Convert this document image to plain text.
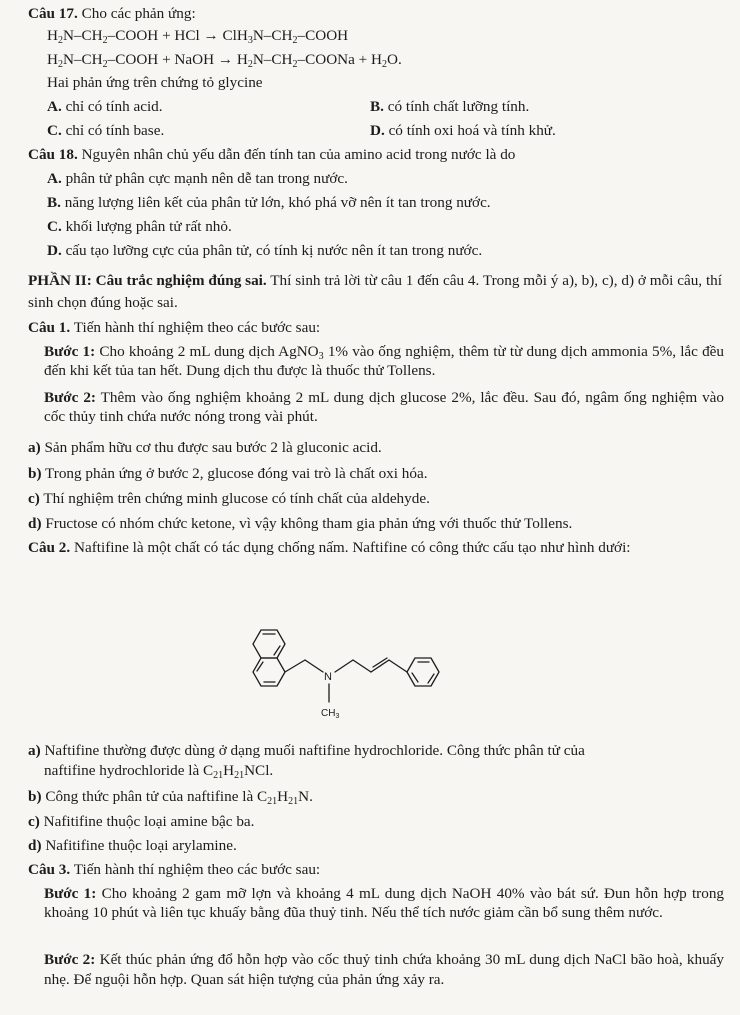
Câu 17. Cho các phản ứng:
$H_2N-CH_2$–COOH + HCl → $ClH_3N-CH_2$–COOH
$H_2N-CH_2$–COOH + NaOH → $H_2N-CH_2$–COONa + $H_2O$.
Hai phản ứng trên chứng tỏ glycine
A. chỉ có tính acid.	B. có tính chất lưỡng tính.
C. chỉ có tính base.	D. có tính oxi hoá và tính khử.
Câu 18. Nguyên nhân chủ yếu dẫn đến tính tan của amino acid trong nước là do
A. phân tử phân cực mạnh nên dễ tan trong nước.
B. năng lượng liên kết của phân tử lớn, khó phá vỡ nên ít tan trong nước.
C. khối lượng phân tử rất nhỏ.
D. cấu tạo lưỡng cực của phân tử, có tính kị nước nên ít tan trong nước.
PHẦN II: Câu trắc nghiệm đúng sai. Thí sinh trả lời từ câu 1 đến câu 4. Trong mỗi ý a), b), c), d) ở mỗi câu, thí sinh chọn đúng hoặc sai.
Câu 1. Tiến hành thí nghiệm theo các bước sau:
Bước 1: Cho khoảng 2 mL dung dịch AgNO$_3$ 1% vào ống nghiệm, thêm từ từ dung dịch ammonia 5%, lắc đều đến khi kết tủa tan hết. Dung dịch thu được là thuốc thử Tollens.
Bước 2: Thêm vào ống nghiệm khoảng 2 mL dung dịch glucose 2%, lắc đều. Sau đó, ngâm ống nghiệm vào cốc thủy tinh chứa nước nóng trong vài phút.
a) Sản phẩm hữu cơ thu được sau bước 2 là gluconic acid.
b) Trong phản ứng ở bước 2, glucose đóng vai trò là chất oxi hóa.
c) Thí nghiệm trên chứng minh glucose có tính chất của aldehyde.
d) Fructose có nhóm chức ketone, vì vậy không tham gia phản ứng với thuốc thử Tollens.
Câu 2. Naftifine là một chất có tác dụng chống nấm. Naftifine có công thức cấu tạo như hình dưới:
N
$CH_3$
a) Naftifine thường được dùng ở dạng muối naftifine hydrochloride. Công thức phân tử của
naftifine hydrochloride là $C_{21}H_{21}NCl$.
b) Công thức phân tử của naftifine là $C_{21}H_{21}N$.
c) Nafitifine thuộc loại amine bậc ba.
d) Nafitifine thuộc loại arylamine.
Câu 3. Tiến hành thí nghiệm theo các bước sau:
Bước 1: Cho khoảng 2 gam mỡ lợn và khoảng 4 mL dung dịch NaOH 40% vào bát sứ. Đun hỗn hợp trong khoảng 10 phút và liên tục khuấy bằng đũa thuỷ tinh. Nếu thể tích nước giảm cần bổ sung thêm nước.
Bước 2: Kết thúc phản ứng đổ hỗn hợp vào cốc thuỷ tinh chứa khoảng 30 mL dung dịch NaCl bão hoà, khuấy nhẹ. Để nguội hỗn hợp. Quan sát hiện tượng của phản ứng xảy ra.
